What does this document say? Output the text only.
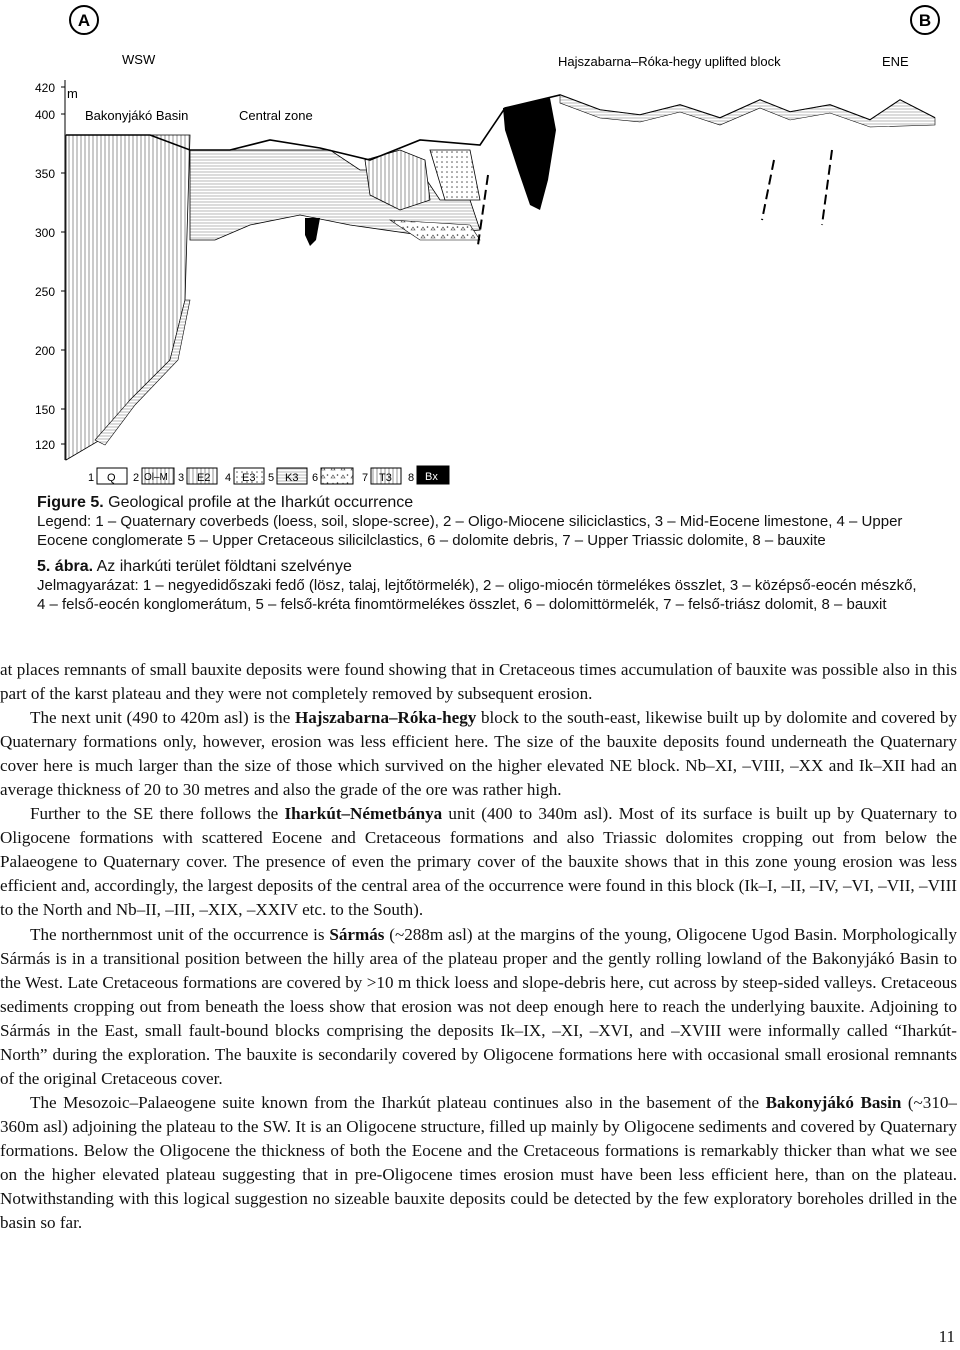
A	B
WSW	ENE
Hajszabarna–Róka-hegy uplifted block
m
Bakonyjákó Basin	Central zone
420
400
350
300
250
200
150
120
1 Q 2 Ol–M 3 E2 4 E3 5 K3 6	7 T3 8 Bx

Figure 5. Geological profile at the Iharkút occurrence

Legend: 1 – Quaternary coverbeds (loess, soil, slope-scree), 2 – Oligo-Miocene siliciclastics, 3 – Mid-Eocene limestone, 4 – Upper Eocene conglomerate 5 – Upper Cretaceous silicilclastics, 6 – dolomite debris, 7 – Upper Triassic dolomite, 8 – bauxite

5. ábra. Az iharkúti terület földtani szelvénye

Jelmagyarázat: 1 – negyedidőszaki fedő (lösz, talaj, lejtőtörmelék), 2 – oligo-miocén törmelékes összlet, 3 – középső-eocén mészkő, 4 – felső-eocén konglomerátum, 5 – felső-kréta finomtörmelékes összlet, 6 – dolomittörmelék, 7 – felső-triász dolomit, 8 – bauxit

at places remnants of small bauxite deposits were found showing that in Cretaceous times accumulation of bauxite was possible also in this part of the karst plateau and they were not completely removed by subsequent erosion.

The next unit (490 to 420m asl) is the Hajszabarna–Róka-hegy block to the south-east, likewise built up by dolomite and covered by Quaternary formations only, however, erosion was less efficient here. The size of the bauxite deposits found underneath the Quaternary cover here is much larger than the size of those which survived on the higher elevated NE block. Nb–XI, –VIII, –XX and Ik–XII had an average thickness of 20 to 30 metres and also the grade of the ore was rather high.

Further to the SE there follows the Iharkút–Németbánya unit (400 to 340m asl). Most of its surface is built up by Quaternary to Oligocene formations with scattered Eocene and Cretaceous formations and also Triassic dolomites cropping out from below the Palaeogene to Quaternary cover. The presence of even the primary cover of the bauxite shows that in this zone young erosion was less efficient and, accordingly, the largest deposits of the central area of the occurrence were found in this block (Ik–I, –II, –IV, –VI, –VII, –VIII to the North and Nb–II, –III, –XIX, –XXIV etc. to the South).

The northernmost unit of the occurrence is Sármás (~288m asl) at the margins of the young, Oligocene Ugod Basin. Morphologically Sármás is in a transitional position between the hilly area of the plateau proper and the gently rolling lowland of the Bakonyjákó Basin to the West. Late Cretaceous formations are covered by >10 m thick loess and slope-debris here, cut across by steep-sided valleys. Cretaceous sediments cropping out from beneath the loess show that erosion was not deep enough here to reach the underlying bauxite. Adjoining to Sármás in the East, small fault-bound blocks comprising the deposits Ik–IX, –XI, –XVI, and –XVIII were informally called “Iharkút-North” during the exploration. The bauxite is secondarily covered by Oligocene formations here with occasional small erosional remnants of the original Cretaceous cover.

The Mesozoic–Palaeogene suite known from the Iharkút plateau continues also in the basement of the Bakonyjákó Basin (~310–360m asl) adjoining the plateau to the SW. It is an Oligocene structure, filled up mainly by Oligocene sediments and covered by Quaternary formations. Below the Oligocene the thickness of both the Eocene and the Cretaceous formations is remarkably thicker than what we see on the higher elevated plateau suggesting that in pre-Oligocene times erosion must have been less efficient here, than on the plateau. Notwithstanding with this logical suggestion no sizeable bauxite deposits could be detected by the few exploratory boreholes drilled in the basin so far.

11
